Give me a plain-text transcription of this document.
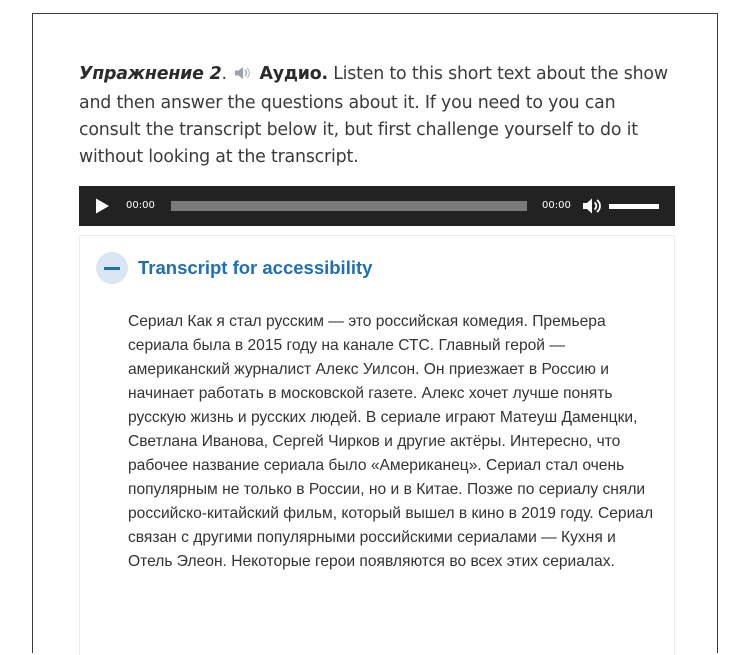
Упражнение 2.  Аудио. Listen to this short text about the show and then answer the questions about it. If you need to you can consult the transcript below it, but first challenge yourself to do it without looking at the transcript.

00:00	00:00
Transcript for accessibility

Сериал Как я стал русским — это российская комедия. Премьера сериала была в 2015 году на канале СТС. Главный герой — американский журналист Алекс Уилсон. Он приезжает в Россию и начинает работать в московской газете. Алекс хочет лучше понять русскую жизнь и русских людей. В сериале играют Матеуш Даменцки, Светлана Иванова, Сергей Чирков и другие актёры. Интересно, что рабочее название сериала было «Американец». Сериал стал очень популярным не только в России, но и в Китае. Позже по сериалу сняли российско-китайский фильм, который вышел в кино в 2019 году. Сериал связан с другими популярными российскими сериалами — Кухня и Отель Элеон. Некоторые герои появляются во всех этих сериалах.
